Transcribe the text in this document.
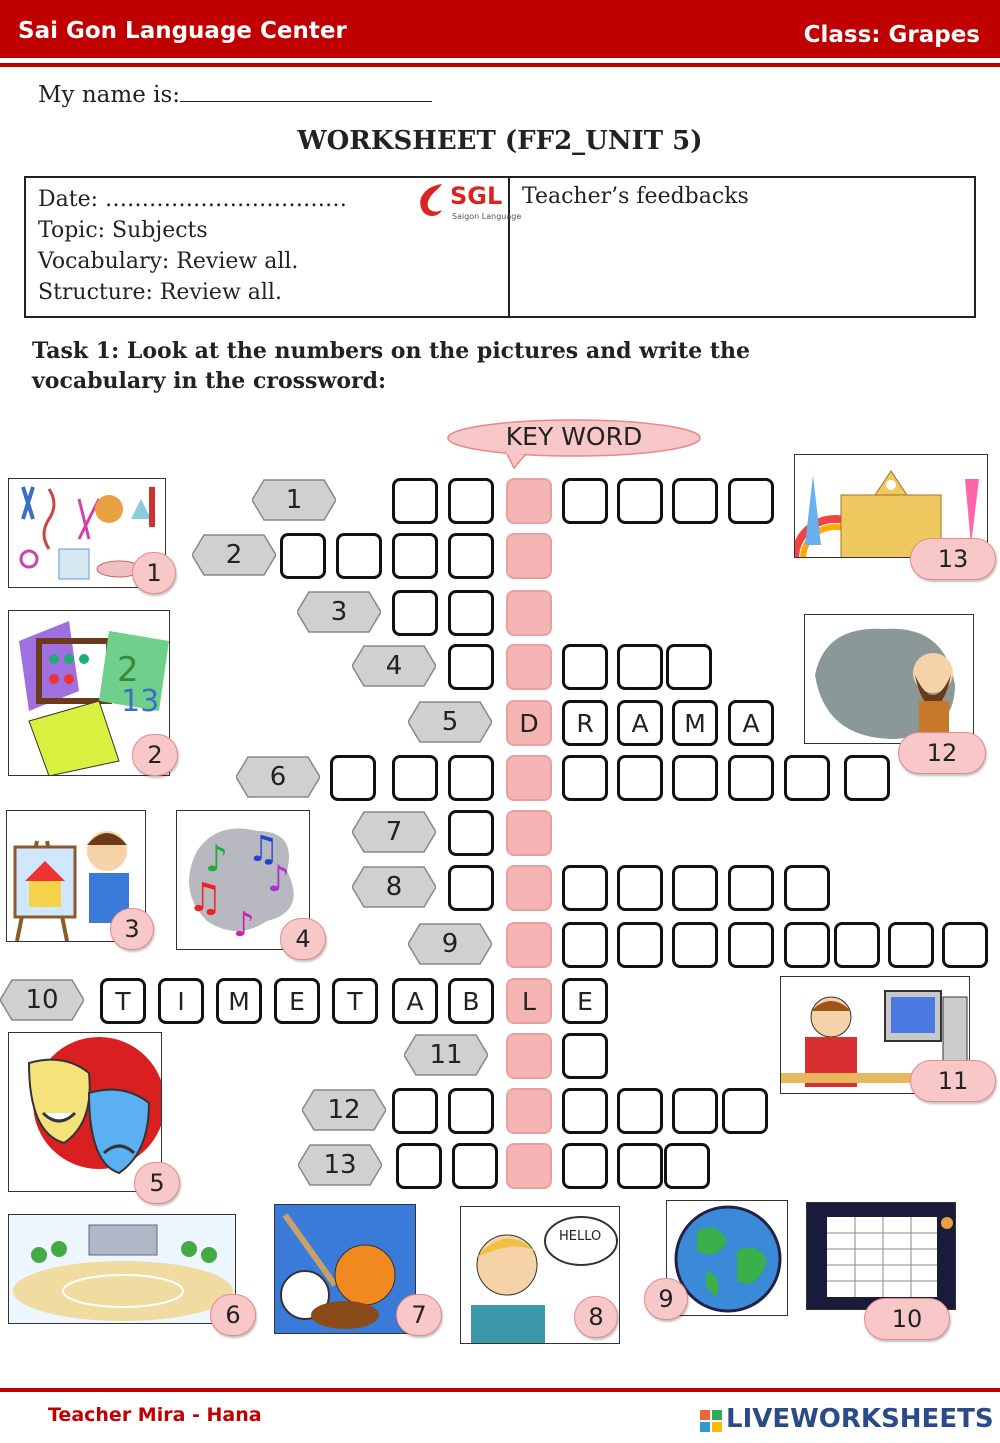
Sai Gon Language Center	Class: Grapes
My name is:
WORKSHEET (FF2_UNIT 5)
Date: ……………………………
Topic: Subjects
Vocabulary: Review all.
Structure: Review all.
SGL
Saigon Language
Teacher’s feedbacks
Task 1: Look at the numbers on the pictures and write the
vocabulary in the crossword:
KEY WORD
1
2
3
4
5	D	R	A	M	A
6
7
8
9
10	T	I	M	E	T	A	B	L	E
11
12
13
1
2
13
2
3
♪ ♫
♫ ♪
♪	4
5
6	7
HELLO
8
9
10
11
12
13
Teacher Mira - Hana	LIVEWORKSHEETS
